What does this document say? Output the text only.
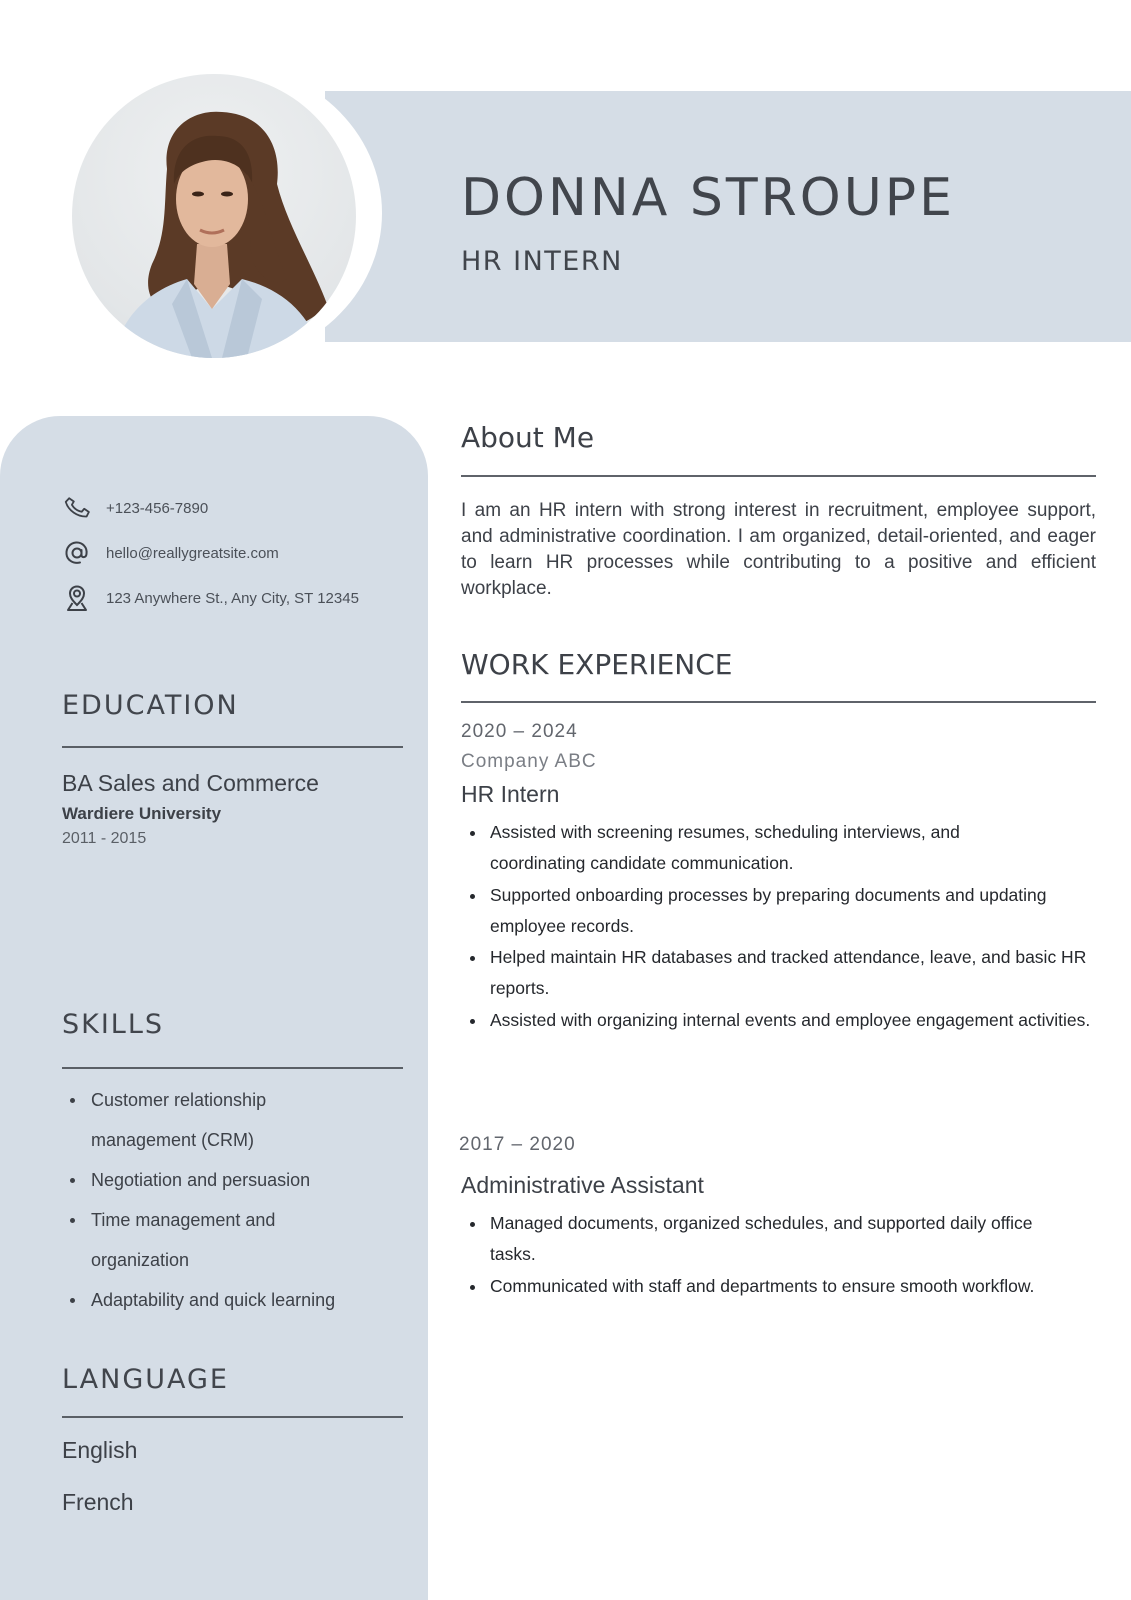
DONNA STROUPE
HR INTERN
+123-456-7890
hello@reallygreatsite.com
123 Anywhere St., Any City, ST 12345
EDUCATION
BA Sales and Commerce
Wardiere University
2011 - 2015
SKILLS
Customer relationship management (CRM)
Negotiation and persuasion
Time management and organization
Adaptability and quick learning
LANGUAGE
English
French
About Me

I am an HR intern with strong interest in recruitment, employee support, and administrative coordination. I am organized, detail-oriented, and eager to learn HR processes while contributing to a positive and efficient workplace.

WORK EXPERIENCE
2020 – 2024
Company ABC
HR Intern
Assisted with screening resumes, scheduling interviews, and coordinating candidate communication.
Supported onboarding processes by preparing documents and updating employee records.
Helped maintain HR databases and tracked attendance, leave, and basic HR reports.
Assisted with organizing internal events and employee engagement activities.
2017 – 2020
Administrative Assistant
Managed documents, organized schedules, and supported daily office tasks.
Communicated with staff and departments to ensure smooth workflow.
